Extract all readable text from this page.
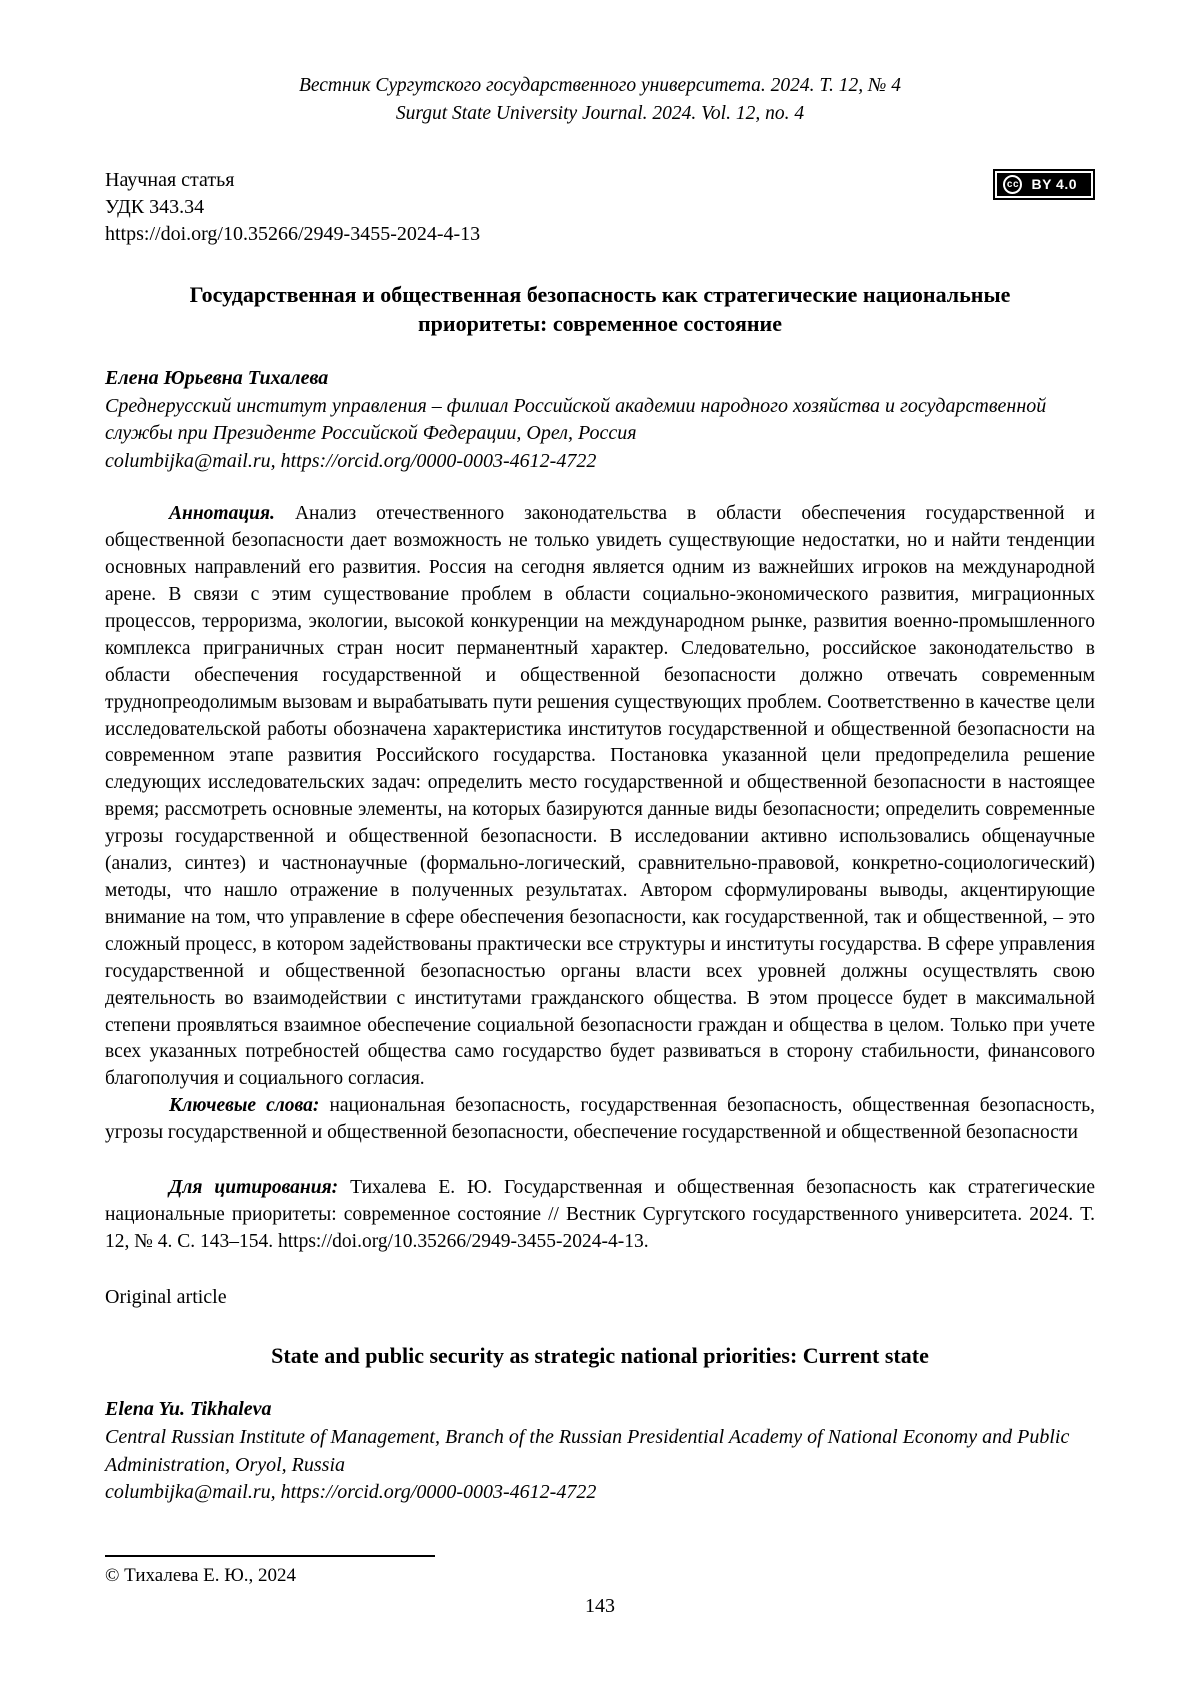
Вестник Сургутского государственного университета. 2024. Т. 12, № 4
Surgut State University Journal. 2024. Vol. 12, no. 4
Научная статья
УДК 343.34
https://doi.org/10.35266/2949-3455-2024-4-13
cc BY 4.0
Государственная и общественная безопасность как стратегические национальные приоритеты: современное состояние
Елена Юрьевна Тихалева
Среднерусский институт управления – филиал Российской академии народного хозяйства и государственной службы при Президенте Российской Федерации, Орел, Россия
columbijka@mail.ru, https://orcid.org/0000-0003-4612-4722

Аннотация. Анализ отечественного законодательства в области обеспечения государственной и общественной безопасности дает возможность не только увидеть существующие недостатки, но и найти тенденции основных направлений его развития. Россия на сегодня является одним из важнейших игроков на международной арене. В связи с этим существование проблем в области социально-экономического развития, миграционных процессов, терроризма, экологии, высокой конкуренции на международном рынке, развития военно-промышленного комплекса приграничных стран носит перманентный характер. Следовательно, российское законодательство в области обеспечения государственной и общественной безопасности должно отвечать современным труднопреодолимым вызовам и вырабатывать пути решения существующих проблем. Соответственно в качестве цели исследовательской работы обозначена характеристика институтов государственной и общественной безопасности на современном этапе развития Российского государства. Постановка указанной цели предопределила решение следующих исследовательских задач: определить место государственной и общественной безопасности в настоящее время; рассмотреть основные элементы, на которых базируются данные виды безопасности; определить современные угрозы государственной и общественной безопасности. В исследовании активно использовались общенаучные (анализ, синтез) и частнонаучные (формально-логический, сравнительно-правовой, конкретно-социологический) методы, что нашло отражение в полученных результатах. Автором сформулированы выводы, акцентирующие внимание на том, что управление в сфере обеспечения безопасности, как государственной, так и общественной, – это сложный процесс, в котором задействованы практически все структуры и институты государства. В сфере управления государственной и общественной безопасностью органы власти всех уровней должны осуществлять свою деятельность во взаимодействии с институтами гражданского общества. В этом процессе будет в максимальной степени проявляться взаимное обеспечение социальной безопасности граждан и общества в целом. Только при учете всех указанных потребностей общества само государство будет развиваться в сторону стабильности, финансового благополучия и социального согласия.

Ключевые слова: национальная безопасность, государственная безопасность, общественная безопасность, угрозы государственной и общественной безопасности, обеспечение государственной и общественной безопасности

Для цитирования: Тихалева Е. Ю. Государственная и общественная безопасность как стратегические национальные приоритеты: современное состояние // Вестник Сургутского государственного университета. 2024. Т. 12, № 4. С. 143–154. https://doi.org/10.35266/2949-3455-2024-4-13.

Original article
State and public security as strategic national priorities: Current state
Elena Yu. Tikhaleva
Central Russian Institute of Management, Branch of the Russian Presidential Academy of National Economy and Public Administration, Oryol, Russia
columbijka@mail.ru, https://orcid.org/0000-0003-4612-4722
© Тихалева Е. Ю., 2024
143
